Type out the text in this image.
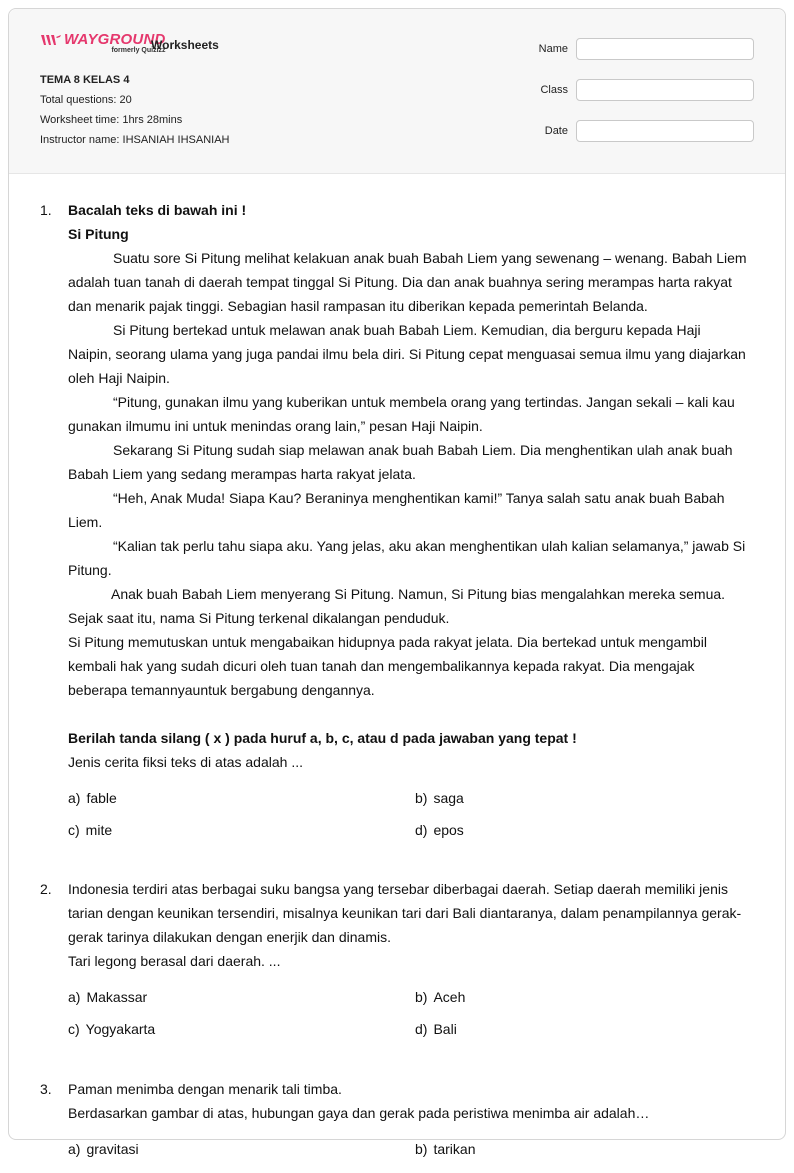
WAYGROUND
formerly Quizizz
Worksheets
TEMA 8 KELAS 4
Total questions: 20
Worksheet time: 1hrs 28mins
Instructor name: IHSANIAH IHSANIAH
Name
Class
Date
1. Bacalah teks di bawah ini !

Si Pitung

Suatu sore Si Pitung melihat kelakuan anak buah Babah Liem yang sewenang – wenang. Babah Liem adalah tuan tanah di daerah tempat tinggal Si Pitung. Dia dan anak buahnya sering merampas harta rakyat dan menarik pajak tinggi. Sebagian hasil rampasan itu diberikan kepada pemerintah Belanda.

Si Pitung bertekad untuk melawan anak buah Babah Liem. Kemudian, dia berguru kepada Haji Naipin, seorang ulama yang juga pandai ilmu bela diri. Si Pitung cepat menguasai semua ilmu yang diajarkan oleh Haji Naipin.

“Pitung, gunakan ilmu yang kuberikan untuk membela orang yang tertindas. Jangan sekali – kali kau gunakan ilmumu ini untuk menindas orang lain,” pesan Haji Naipin.

Sekarang Si Pitung sudah siap melawan anak buah Babah Liem. Dia menghentikan ulah anak buah Babah Liem yang sedang merampas harta rakyat jelata.

“Heh, Anak Muda! Siapa Kau? Beraninya menghentikan kami!” Tanya salah satu anak buah Babah Liem.

“Kalian tak perlu tahu siapa aku. Yang jelas, aku akan menghentikan ulah kalian selamanya,” jawab Si Pitung.

Anak buah Babah Liem menyerang Si Pitung. Namun, Si Pitung bias mengalahkan mereka semua. Sejak saat itu, nama Si Pitung terkenal dikalangan penduduk.

Si Pitung memutuskan untuk mengabaikan hidupnya pada rakyat jelata. Dia bertekad untuk mengambil kembali hak yang sudah dicuri oleh tuan tanah dan mengembalikannya kepada rakyat. Dia mengajak beberapa temannyauntuk bergabung dengannya.

Berilah tanda silang ( x ) pada huruf a, b, c, atau d pada jawaban yang tepat !

Jenis cerita fiksi teks di atas adalah ...

a) fable	b) saga
c) mite	d) epos
2. Indonesia terdiri atas berbagai suku bangsa yang tersebar diberbagai daerah. Setiap daerah memiliki jenis tarian dengan keunikan tersendiri, misalnya keunikan tari dari Bali diantaranya, dalam penampilannya gerak- gerak tarinya dilakukan dengan enerjik dan dinamis.

Tari legong berasal dari daerah. ...

a) Makassar	b) Aceh
c) Yogyakarta	d) Bali
3. Paman menimba dengan menarik tali timba.

Berdasarkan gambar di atas, hubungan gaya dan gerak pada peristiwa menimba air adalah…

a) gravitasi	b) tarikan
